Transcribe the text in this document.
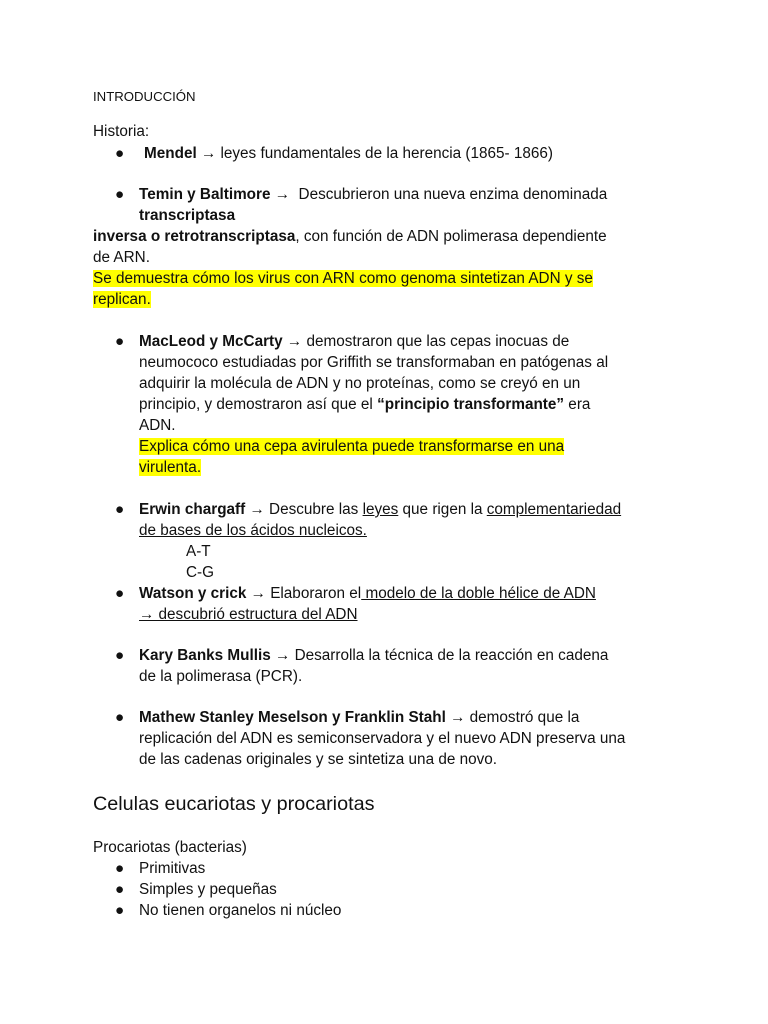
INTRODUCCIÓN
Historia:
● Mendel → leyes fundamentales de la herencia (1865- 1866)
● Temin y Baltimore → Descubrieron una nueva enzima denominada
transcriptasa
inversa o retrotranscriptasa, con función de ADN polimerasa dependiente
de ARN.
Se demuestra cómo los virus con ARN como genoma sintetizan ADN y se
replican.
● MacLeod y McCarty → demostraron que las cepas inocuas de
neumococo estudiadas por Griffith se transformaban en patógenas al
adquirir la molécula de ADN y no proteínas, como se creyó en un
principio, y demostraron así que el “principio transformante” era
ADN.
Explica cómo una cepa avirulenta puede transformarse en una
virulenta.
● Erwin chargaff → Descubre las leyes que rigen la complementariedad
de bases de los ácidos nucleicos.
A-T
C-G
● Watson y crick → Elaboraron el modelo de la doble hélice de ADN
→ descubrió estructura del ADN
● Kary Banks Mullis → Desarrolla la técnica de la reacción en cadena
de la polimerasa (PCR).
● Mathew Stanley Meselson y Franklin Stahl → demostró que la
replicación del ADN es semiconservadora y el nuevo ADN preserva una
de las cadenas originales y se sintetiza una de novo.
Celulas eucariotas y procariotas
Procariotas (bacterias)
● Primitivas
● Simples y pequeñas
● No tienen organelos ni núcleo
